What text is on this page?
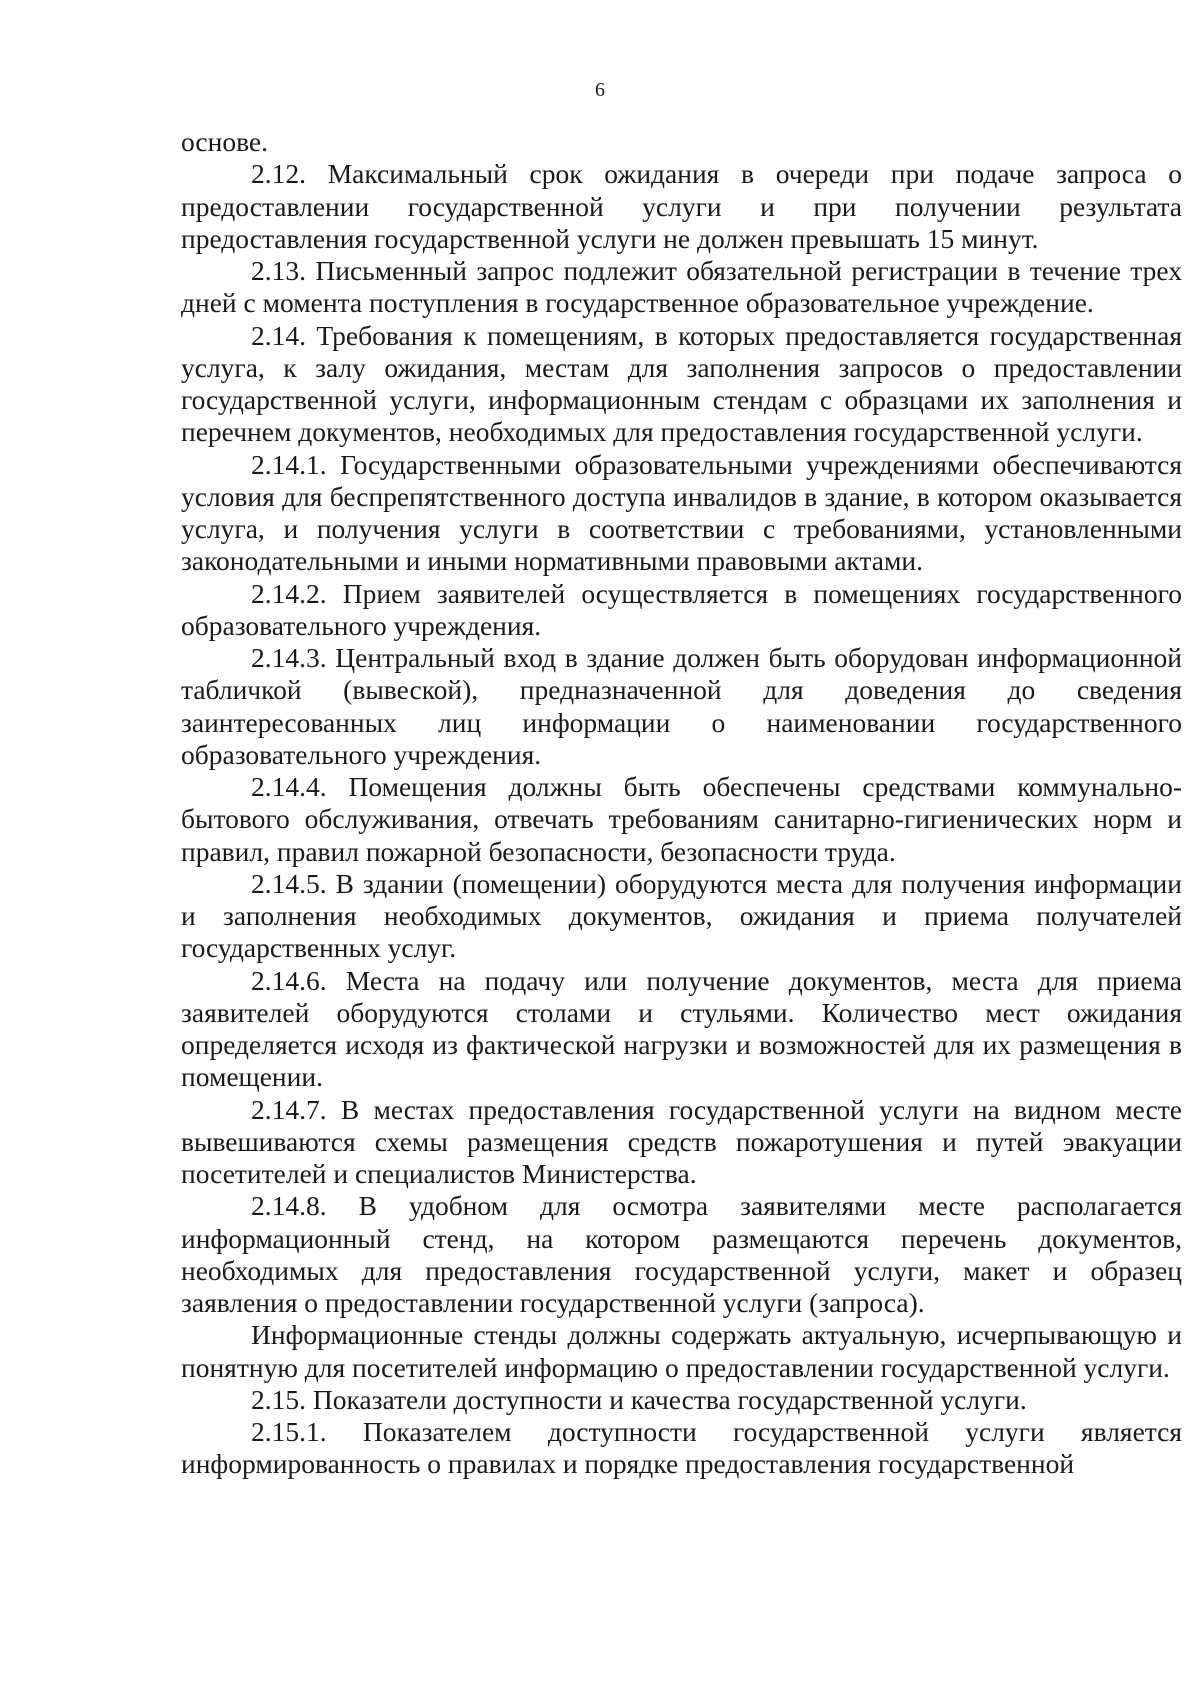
6

основе.

2.12. Максимальный срок ожидания в очереди при подаче запроса о предоставлении государственной услуги и при получении результата предоставления государственной услуги не должен превышать 15 минут.

2.13. Письменный запрос подлежит обязательной регистрации в течение трех дней с момента поступления в государственное образовательное учреждение.

2.14. Требования к помещениям, в которых предоставляется государственная услуга, к залу ожидания, местам для заполнения запросов о предоставлении государственной услуги, информационным стендам с образцами их заполнения и перечнем документов, необходимых для предоставления государственной услуги.

2.14.1. Государственными образовательными учреждениями обеспечиваются условия для беспрепятственного доступа инвалидов в здание, в котором оказывается услуга, и получения услуги в соответствии с требованиями, установленными законодательными и иными нормативными правовыми актами.

2.14.2. Прием заявителей осуществляется в помещениях государственного образовательного учреждения.

2.14.3. Центральный вход в здание должен быть оборудован информационной табличкой (вывеской), предназначенной для доведения до сведения заинтересованных лиц информации о наименовании государственного образовательного учреждения.

2.14.4. Помещения должны быть обеспечены средствами коммунально-бытового обслуживания, отвечать требованиям санитарно-гигиенических норм и правил, правил пожарной безопасности, безопасности труда.

2.14.5. В здании (помещении) оборудуются места для получения информации и заполнения необходимых документов, ожидания и приема получателей государственных услуг.

2.14.6. Места на подачу или получение документов, места для приема заявителей оборудуются столами и стульями. Количество мест ожидания определяется исходя из фактической нагрузки и возможностей для их размещения в помещении.

2.14.7. В местах предоставления государственной услуги на видном месте вывешиваются схемы размещения средств пожаротушения и путей эвакуации посетителей и специалистов Министерства.

2.14.8. В удобном для осмотра заявителями месте располагается информационный стенд, на котором размещаются перечень документов, необходимых для предоставления государственной услуги, макет и образец заявления о предоставлении государственной услуги (запроса).

Информационные стенды должны содержать актуальную, исчерпывающую и понятную для посетителей информацию о предоставлении государственной услуги.

2.15. Показатели доступности и качества государственной услуги.

2.15.1. Показателем доступности государственной услуги является информированность о правилах и порядке предоставления государственной
